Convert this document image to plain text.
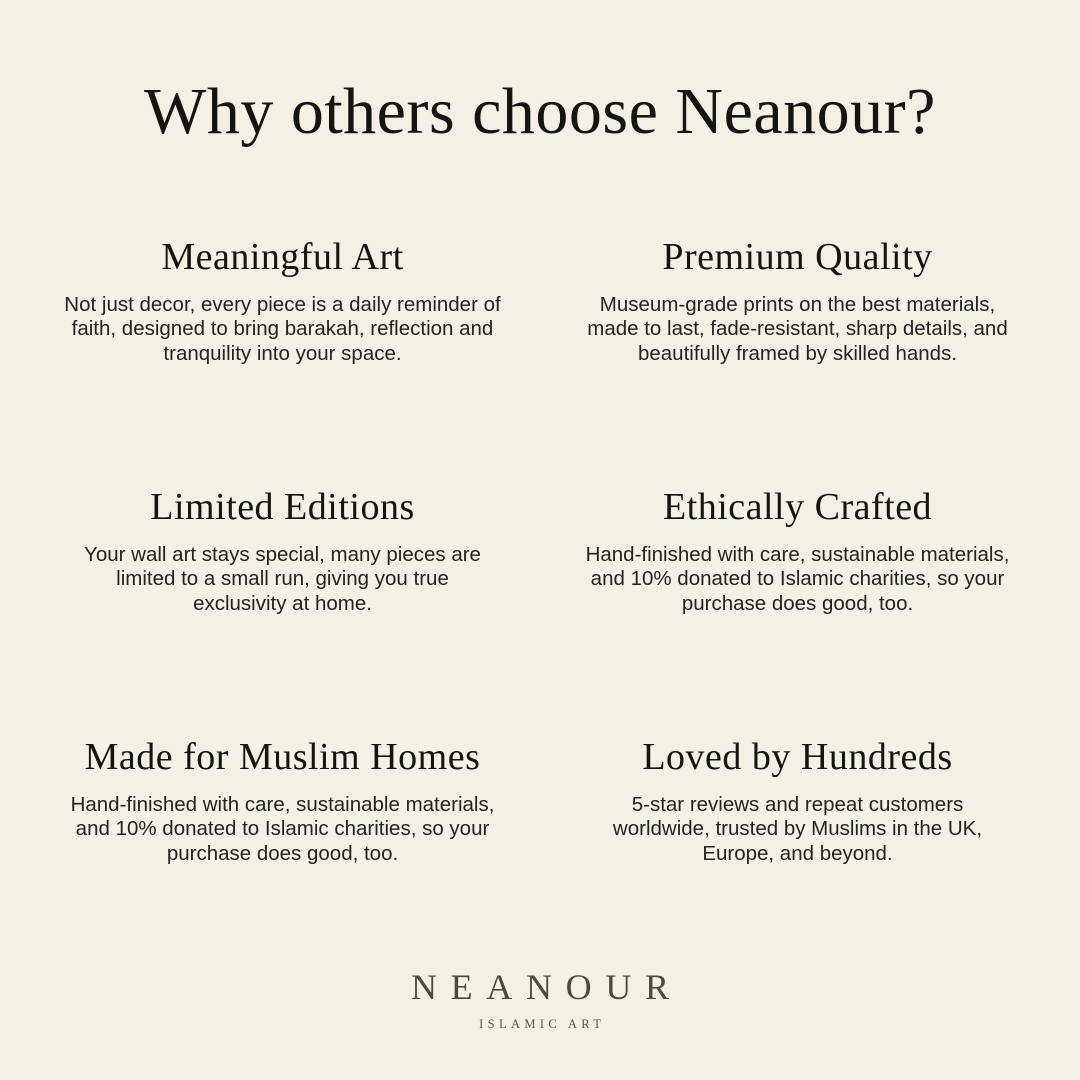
Why others choose Neanour?
Meaningful Art

Not just decor, every piece is a daily reminder of faith, designed to bring barakah, reflection and tranquility into your space.

Premium Quality

Museum-grade prints on the best materials, made to last, fade-resistant, sharp details, and beautifully framed by skilled hands.

Limited Editions

Your wall art stays special, many pieces are limited to a small run, giving you true exclusivity at home.

Ethically Crafted

Hand-finished with care, sustainable materials, and 10% donated to Islamic charities, so your purchase does good, too.

Made for Muslim Homes

Hand-finished with care, sustainable materials, and 10% donated to Islamic charities, so your purchase does good, too.

Loved by Hundreds

5-star reviews and repeat customers worldwide, trusted by Muslims in the UK, Europe, and beyond.

NEANOUR
ISLAMIC ART
